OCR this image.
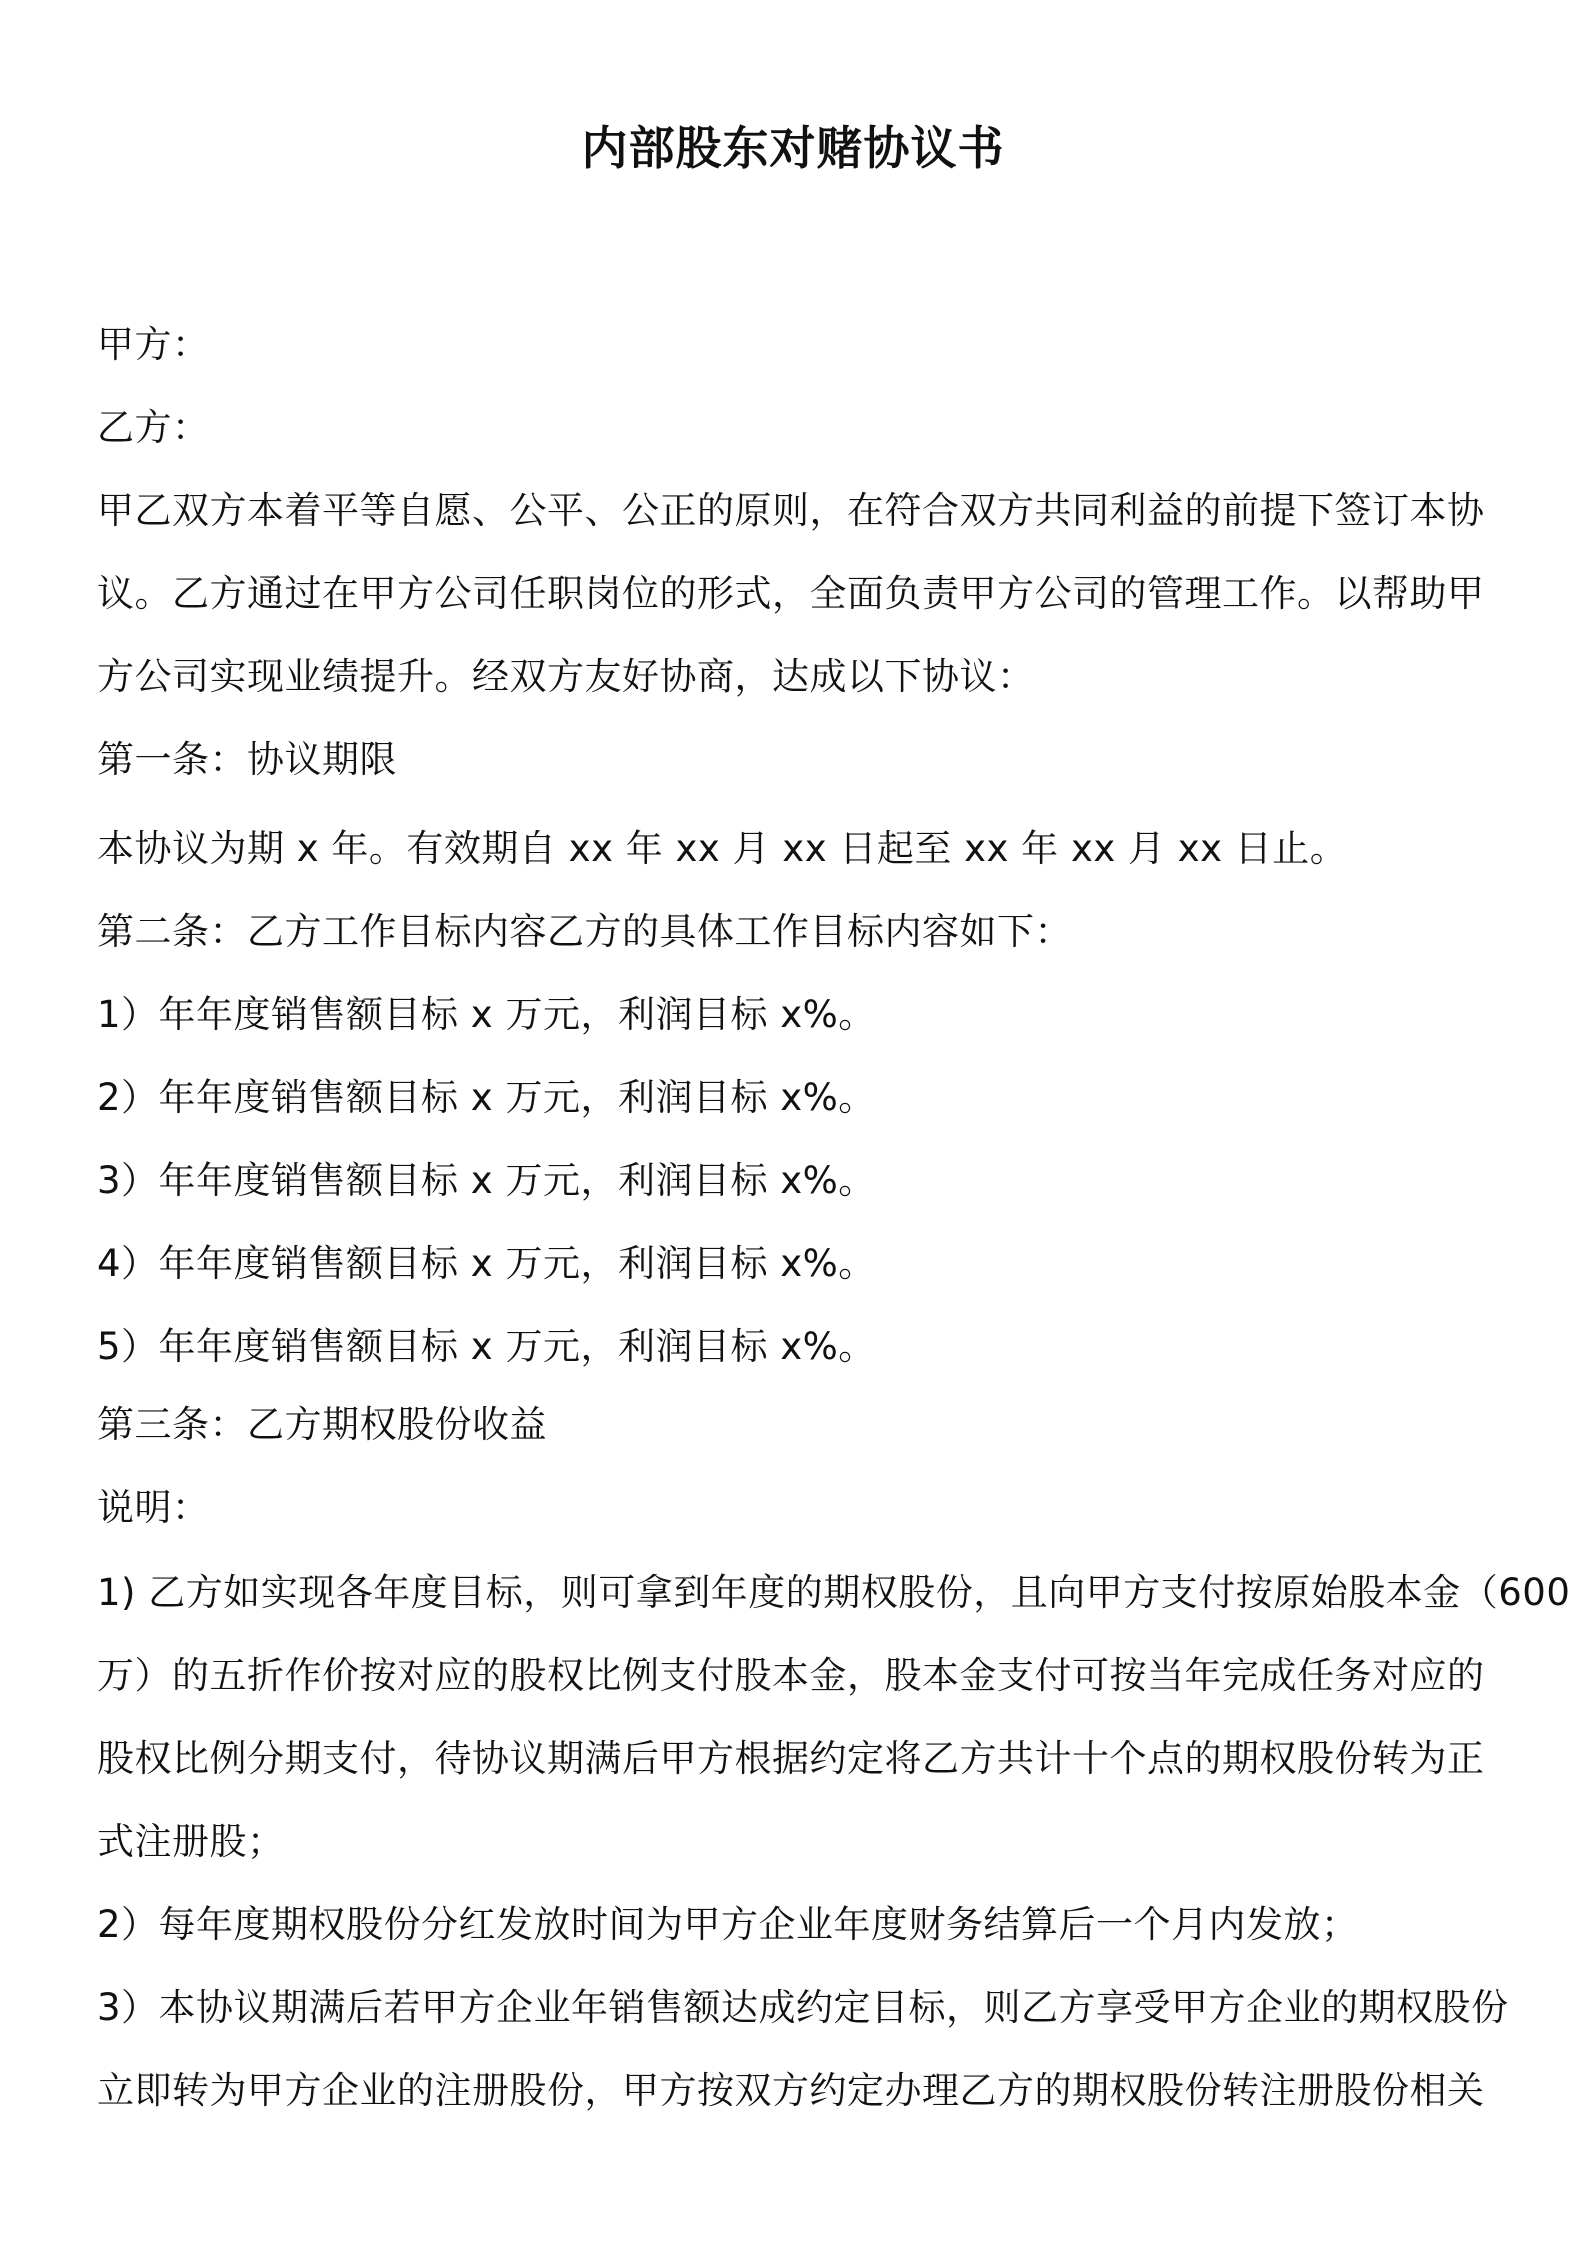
内部股东对赌协议书
甲方：
乙方：
甲乙双方本着平等自愿、公平、公正的原则，在符合双方共同利益的前提下签订本协
议。乙方通过在甲方公司任职岗位的形式，全面负责甲方公司的管理工作。以帮助甲
方公司实现业绩提升。经双方友好协商，达成以下协议：
第一条：协议期限
本协议为期 x 年。有效期自 xx 年 xx 月 xx 日起至 xx 年 xx 月 xx 日止。
第二条：乙方工作目标内容乙方的具体工作目标内容如下：
1）年年度销售额目标 x 万元，利润目标 x%。
2）年年度销售额目标 x 万元，利润目标 x%。
3）年年度销售额目标 x 万元，利润目标 x%。
4）年年度销售额目标 x 万元，利润目标 x%。
5）年年度销售额目标 x 万元，利润目标 x%。
第三条：乙方期权股份收益
说明：
1) 乙方如实现各年度目标，则可拿到年度的期权股份，且向甲方支付按原始股本金（600
万）的五折作价按对应的股权比例支付股本金，股本金支付可按当年完成任务对应的
股权比例分期支付，待协议期满后甲方根据约定将乙方共计十个点的期权股份转为正
式注册股；
2）每年度期权股份分红发放时间为甲方企业年度财务结算后一个月内发放；
3）本协议期满后若甲方企业年销售额达成约定目标，则乙方享受甲方企业的期权股份
立即转为甲方企业的注册股份，甲方按双方约定办理乙方的期权股份转注册股份相关
